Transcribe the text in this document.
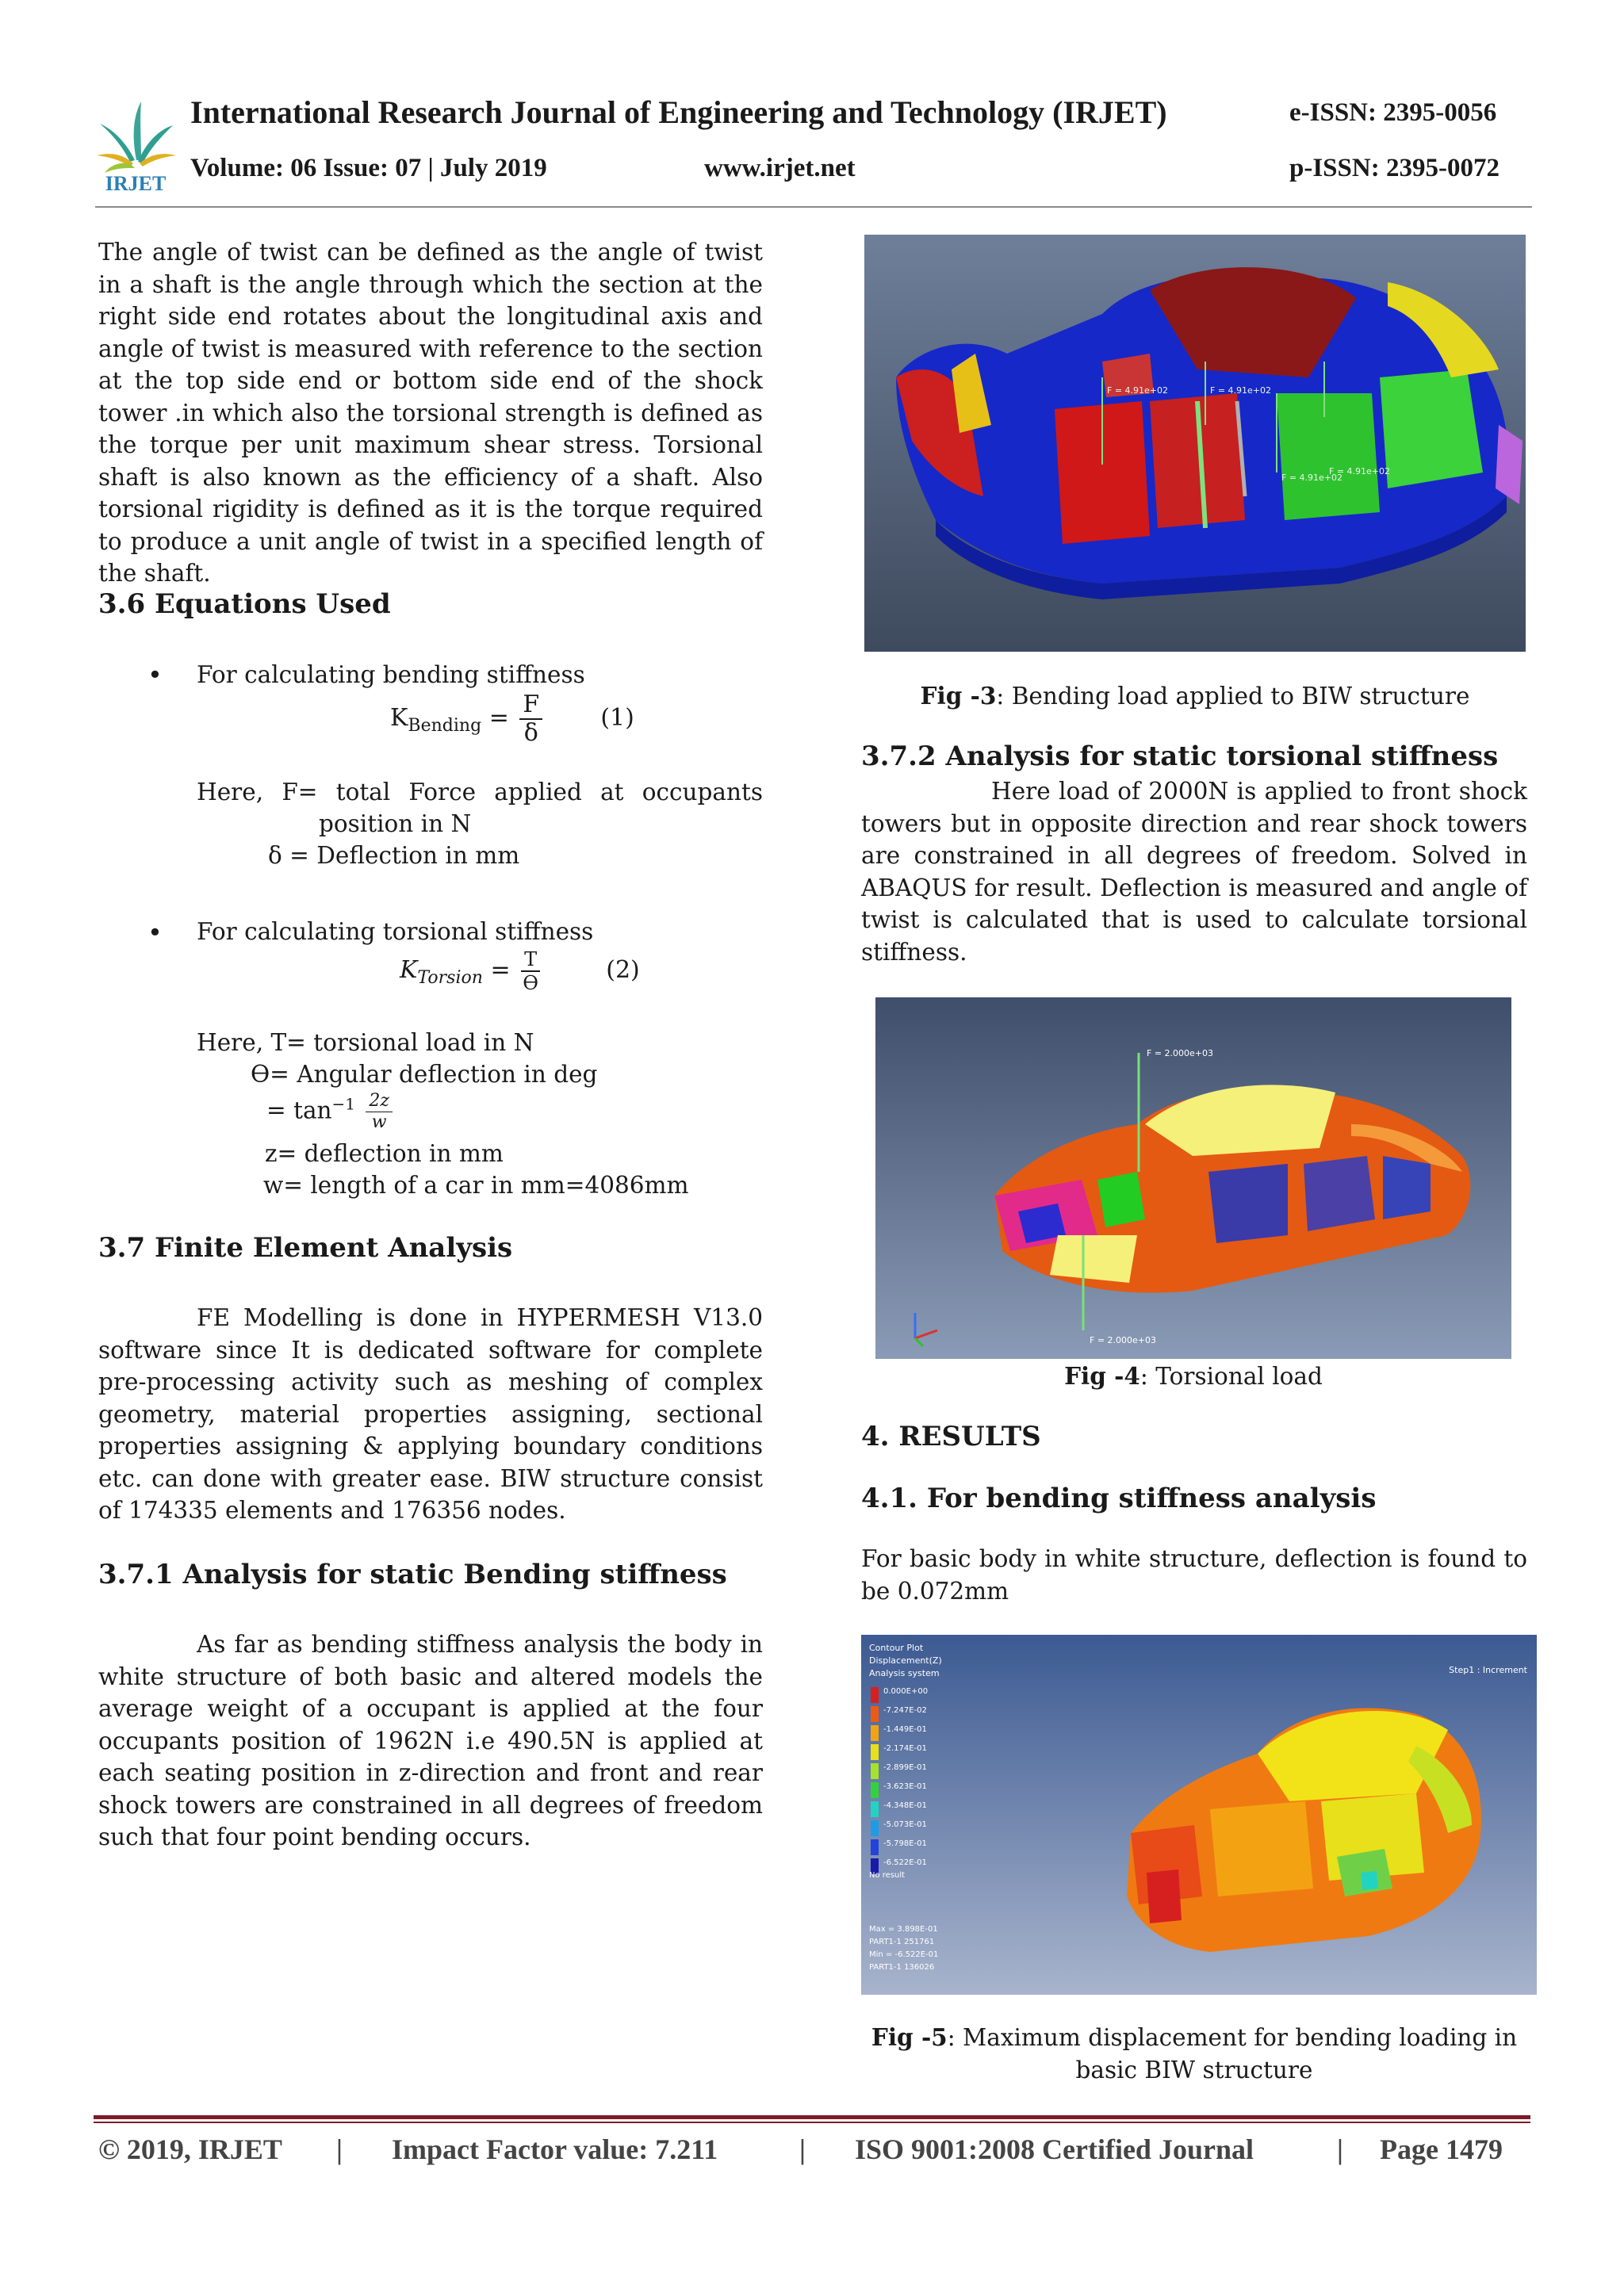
IRJET
International Research Journal of Engineering and Technology (IRJET)	e-ISSN: 2395-0056
Volume: 06 Issue: 07 | July 2019	www.irjet.net	p-ISSN: 2395-0072
The angle of twist can be defined as the angle of twist in a shaft is the angle through which the section at the right side end rotates about the longitudinal axis and angle of twist is measured with reference to the section at the top side end or bottom side end of the shock tower .in which also the torsional strength is defined as the torque per unit maximum shear stress. Torsional shaft is also known as the efficiency of a shaft. Also torsional rigidity is defined as it is the torque required to produce a unit angle of twist in a specified length of the shaft.
3.6 Equations Used
• For calculating bending stiffness
$K_{Bending} = \frac{F}{\delta} (1)$
Here, F= total Force applied at occupants
position in N
δ = Deflection in mm
• For calculating torsional stiffness
$K_{Torsion} = \frac{T}{Ɵ}$	(2)
Here, T= torsional load in N
Ɵ= Angular deflection in deg
= $\tan^{-1} \frac{2z}{w}$
z= deflection in mm
w= length of a car in mm=4086mm
3.7 Finite Element Analysis
FE Modelling is done in HYPERMESH V13.0 software since It is dedicated software for complete pre-processing activity such as meshing of complex geometry, material properties assigning, sectional properties assigning & applying boundary conditions etc. can done with greater ease. BIW structure consist of 174335 elements and 176356 nodes.
3.7.1 Analysis for static Bending stiffness
As far as bending stiffness analysis the body in white structure of both basic and altered models the average weight of a occupant is applied at the four occupants position of 1962N i.e 490.5N is applied at each seating position in z-direction and front and rear shock towers are constrained in all degrees of freedom such that four point bending occurs.
F = 4.91e+02	F = 4.91e+02
F = 4.91e+02
F = 4.91e+02
Fig -3: Bending load applied to BIW structure
3.7.2 Analysis for static torsional stiffness
Here load of 2000N is applied to front shock towers but in opposite direction and rear shock towers are constrained in all degrees of freedom. Solved in ABAQUS for result. Deflection is measured and angle of twist is calculated that is used to calculate torsional stiffness.
F = 2.000e+03
F = 2.000e+03
Fig -4: Torsional load
4. RESULTS
4.1. For bending stiffness analysis
For basic body in white structure, deflection is found to be 0.072mm
Contour Plot
Displacement(Z)
Analysis system	Step1 : Increment
0.000E+00
-7.247E-02
-1.449E-01
-2.174E-01
-2.899E-01
-3.623E-01
-4.348E-01
-5.073E-01
-5.798E-01
-6.522E-01
No result
Max = 3.898E-01
PART1-1 251761
Min = -6.522E-01
PART1-1 136026
Fig -5: Maximum displacement for bending loading in
basic BIW structure
© 2019, IRJET | Impact Factor value: 7.211	| ISO 9001:2008 Certified Journal	| Page 1479
